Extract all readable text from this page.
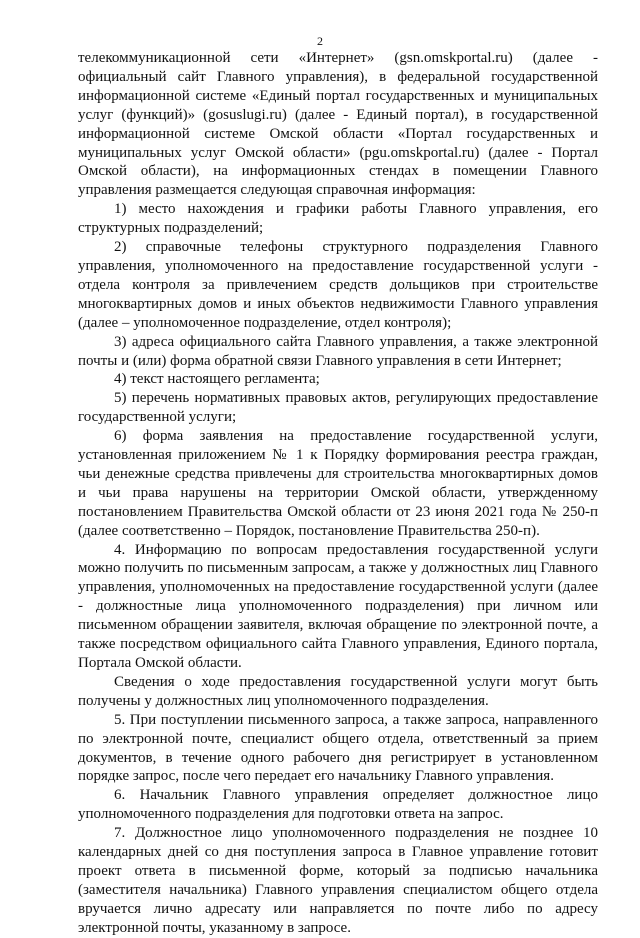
2

телекоммуникационной сети «Интернет» (gsn.omskportal.ru) (далее - официальный сайт Главного управления), в федеральной государственной информационной системе «Единый портал государственных и муниципальных услуг (функций)» (gosuslugi.ru) (далее - Единый портал), в государственной информационной системе Омской области «Портал государственных и муниципальных услуг Омской области» (pgu.omskportal.ru) (далее - Портал Омской области), на информационных стендах в помещении Главного управления размещается следующая справочная информация:

1) место нахождения и графики работы Главного управления, его структурных подразделений;

2) справочные телефоны структурного подразделения Главного управления, уполномоченного на предоставление государственной услуги - отдела контроля за привлечением средств дольщиков при строительстве многоквартирных домов и иных объектов недвижимости Главного управления (далее – уполномоченное подразделение, отдел контроля);

3) адреса официального сайта Главного управления, а также электронной почты и (или) форма обратной связи Главного управления в сети Интернет;

4) текст настоящего регламента;

5) перечень нормативных правовых актов, регулирующих предоставление государственной услуги;

6) форма заявления на предоставление государственной услуги, установленная приложением № 1 к Порядку формирования реестра граждан, чьи денежные средства привлечены для строительства многоквартирных домов и чьи права нарушены на территории Омской области, утвержденному постановлением Правительства Омской области от 23 июня 2021 года № 250-п (далее соответственно – Порядок, постановление Правительства 250-п).

4. Информацию по вопросам предоставления государственной услуги можно получить по письменным запросам, а также у должностных лиц Главного управления, уполномоченных на предоставление государственной услуги (далее - должностные лица уполномоченного подразделения) при личном или письменном обращении заявителя, включая обращение по электронной почте, а также посредством официального сайта Главного управления, Единого портала, Портала Омской области.

Сведения о ходе предоставления государственной услуги могут быть получены у должностных лиц уполномоченного подразделения.

5. При поступлении письменного запроса, а также запроса, направленного по электронной почте, специалист общего отдела, ответственный за прием документов, в течение одного рабочего дня регистрирует в установленном порядке запрос, после чего передает его начальнику Главного управления.

6. Начальник Главного управления определяет должностное лицо уполномоченного подразделения для подготовки ответа на запрос.

7. Должностное лицо уполномоченного подразделения не позднее 10 календарных дней со дня поступления запроса в Главное управление готовит проект ответа в письменной форме, который за подписью начальника (заместителя начальника) Главного управления специалистом общего отдела вручается лично адресату или направляется по почте либо по адресу электронной почты, указанному в запросе.
